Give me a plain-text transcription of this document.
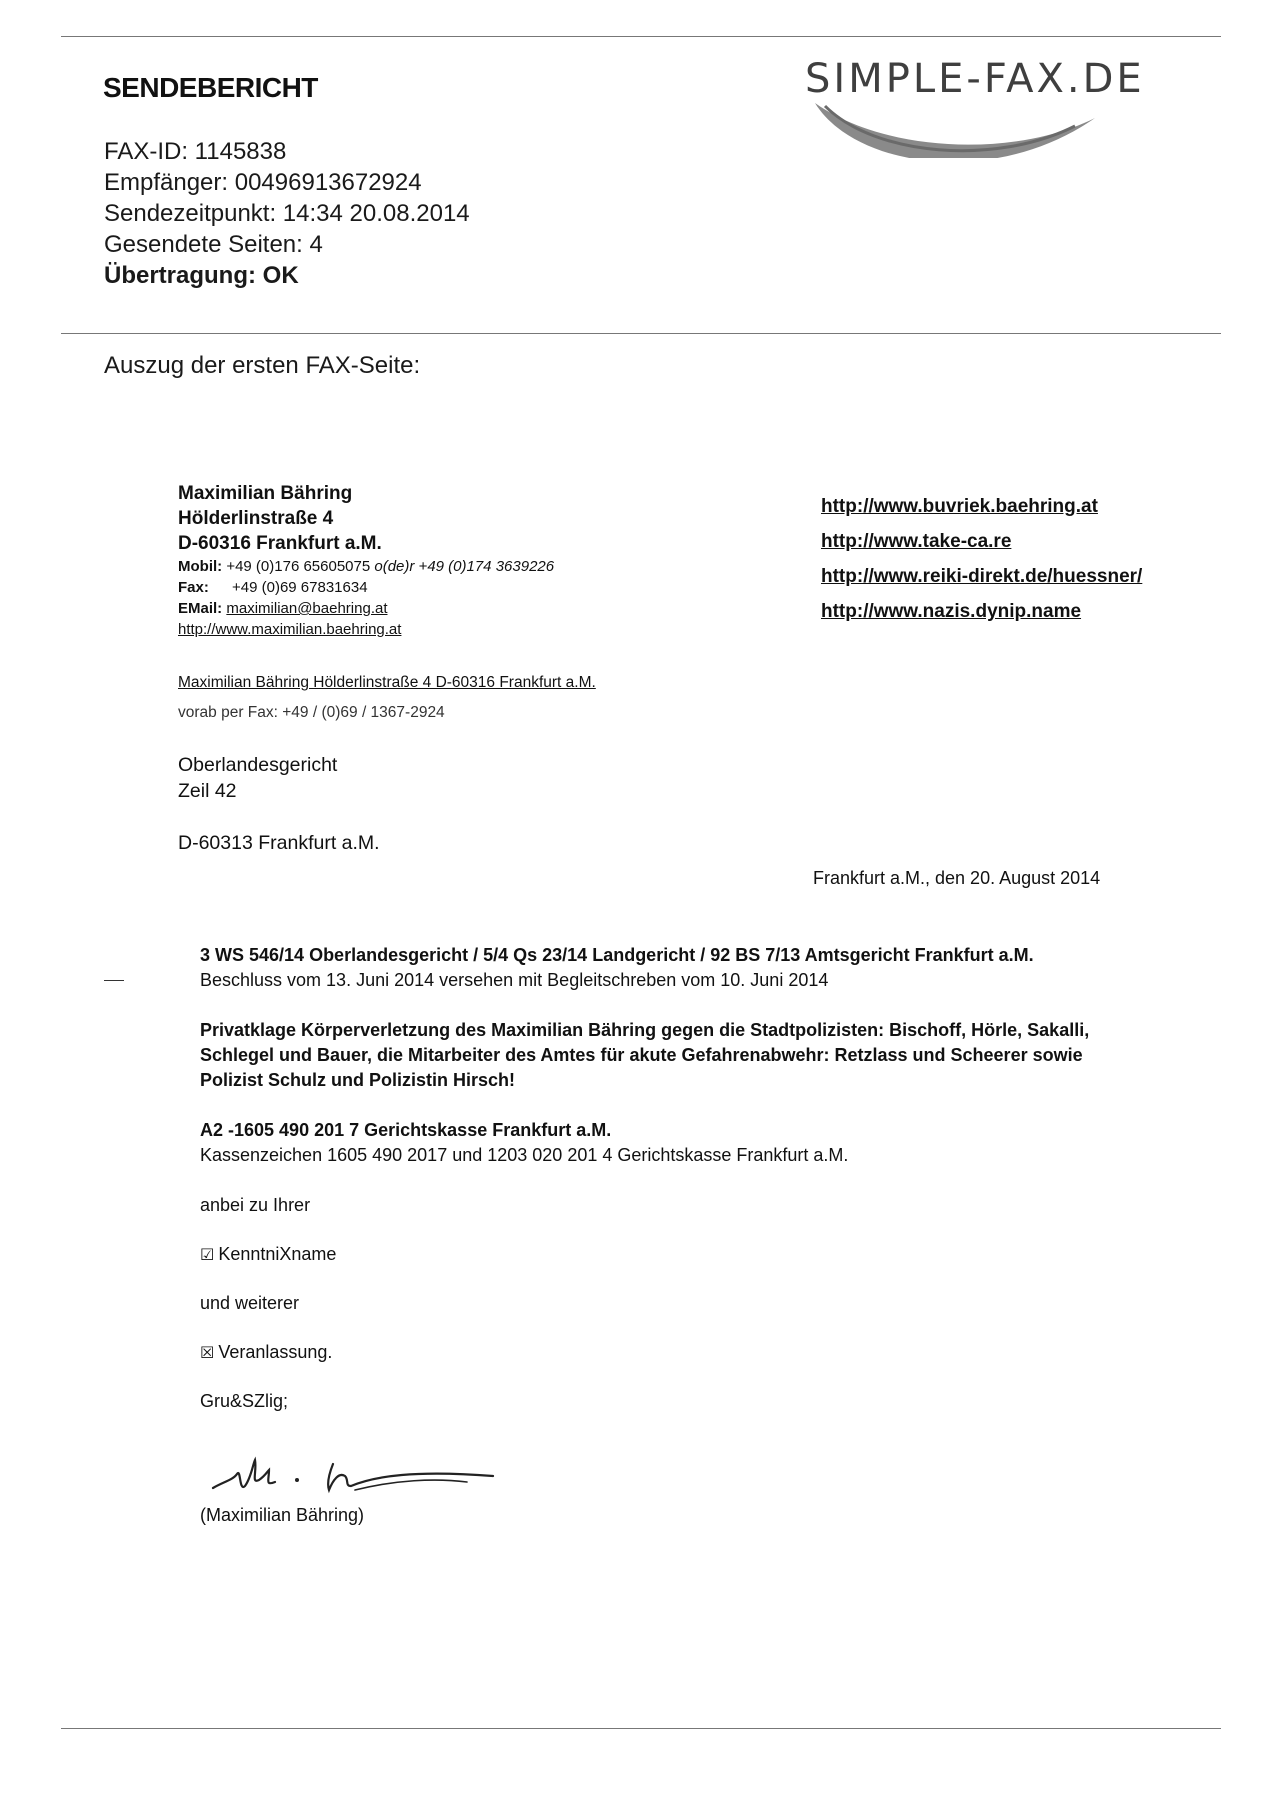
SENDEBERICHT	SIMPLE-FAX.DE
FAX-ID: 1145838
Empfänger: 00496913672924
Sendezeitpunkt: 14:34 20.08.2014
Gesendete Seiten: 4
Übertragung: OK
Auszug der ersten FAX-Seite:
Maximilian Bähring
Hölderlinstraße 4
D-60316 Frankfurt a.M.
Mobil: +49 (0)176 65605075 o(de)r +49 (0)174 3639226
Fax: +49 (0)69 67831634
EMail: maximilian@baehring.at
http://www.maximilian.baehring.at
http://www.buvriek.baehring.at
http://www.take-ca.re
http://www.reiki-direkt.de/huessner/
http://www.nazis.dynip.name
Maximilian Bähring Hölderlinstraße 4 D-60316 Frankfurt a.M.
vorab per Fax: +49 / (0)69 / 1367-2924
Oberlandesgericht
Zeil 42
D-60313 Frankfurt a.M.
Frankfurt a.M., den 20. August 2014
3 WS 546/14 Oberlandesgericht / 5/4 Qs 23/14 Landgericht / 92 BS 7/13 Amtsgericht Frankfurt a.M.
Beschluss vom 13. Juni 2014 versehen mit Begleitschreben vom 10. Juni 2014
Privatklage Körperverletzung des Maximilian Bähring gegen die Stadtpolizisten: Bischoff, Hörle, Sakalli,
Schlegel und Bauer, die Mitarbeiter des Amtes für akute Gefahrenabwehr: Retzlass und Scheerer sowie
Polizist Schulz und Polizistin Hirsch!
A2 -1605 490 201 7 Gerichtskasse Frankfurt a.M.
Kassenzeichen 1605 490 2017 und 1203 020 201 4 Gerichtskasse Frankfurt a.M.
anbei zu Ihrer
☑ KenntniXname
und weiterer
☒ Veranlassung.
Gru&SZlig;
(Maximilian Bähring)
